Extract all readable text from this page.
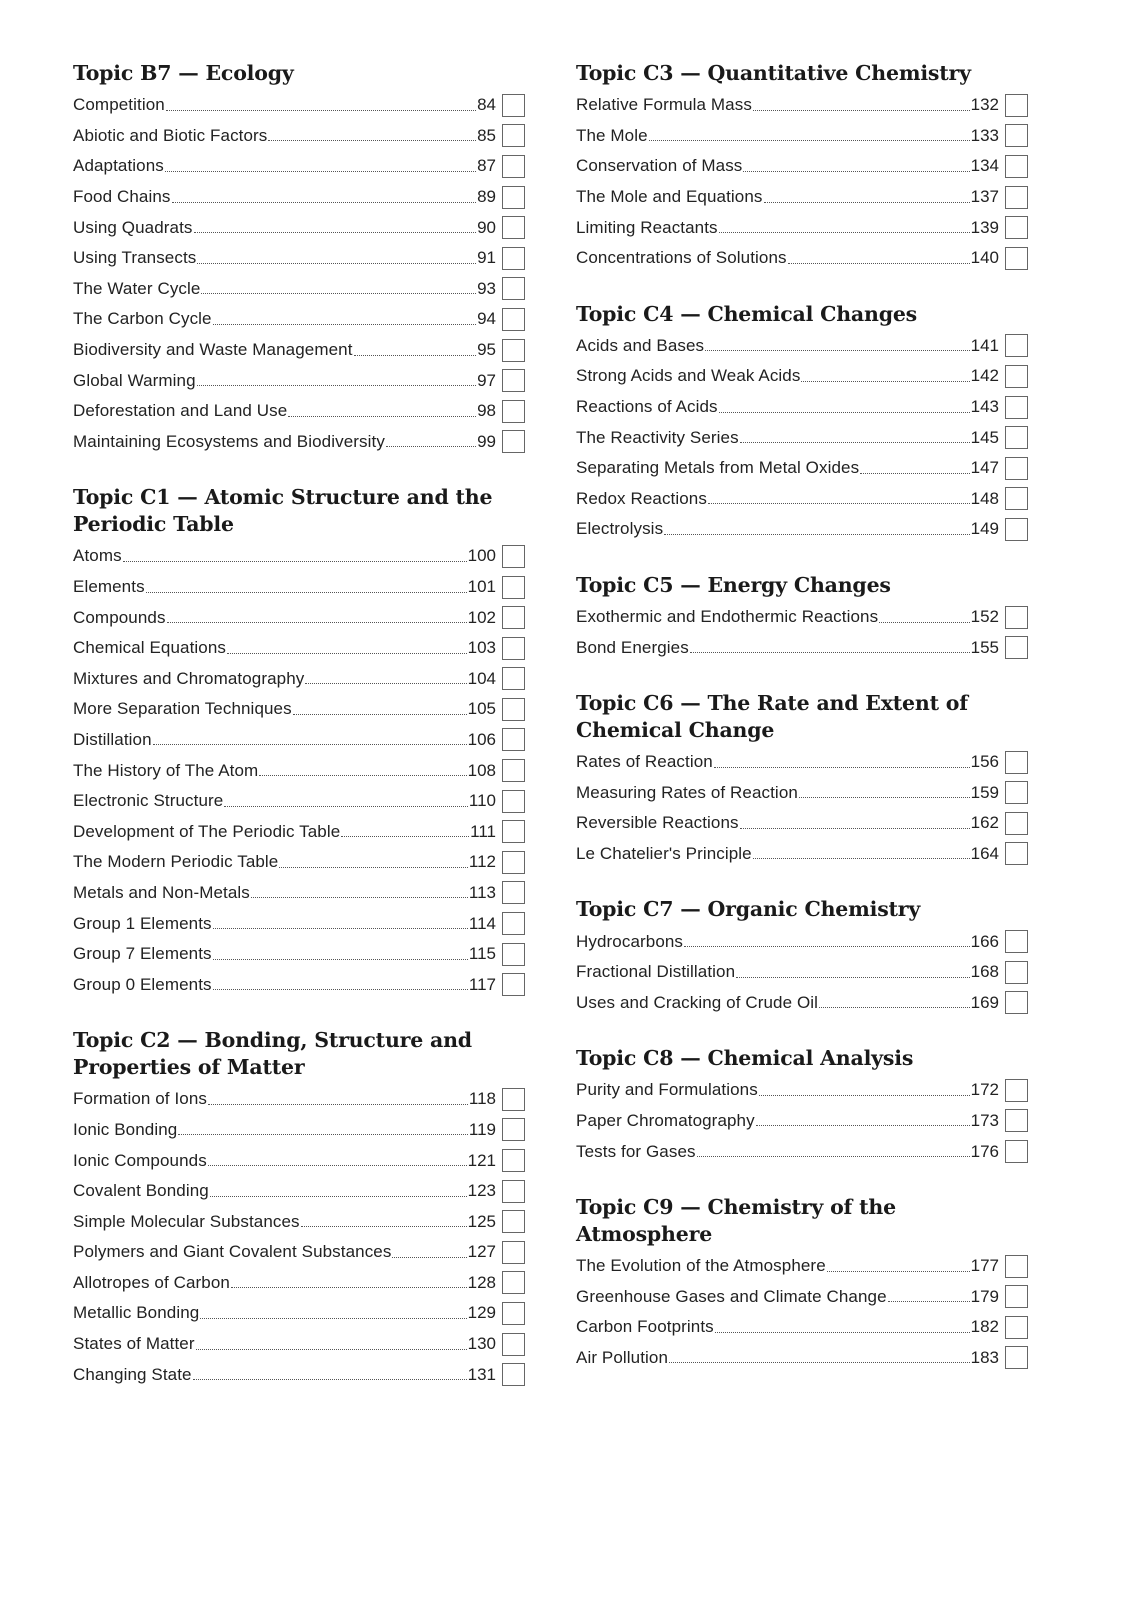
Topic B7 — Ecology
Competition	84
Abiotic and Biotic Factors	85
Adaptations	87
Food Chains	89
Using Quadrats	90
Using Transects	91
The Water Cycle	93
The Carbon Cycle	94
Biodiversity and Waste Management	95
Global Warming	97
Deforestation and Land Use	98
Maintaining Ecosystems and Biodiversity	99
Topic C1 — Atomic Structure and the Periodic Table
Atoms	100
Elements	101
Compounds	102
Chemical Equations	103
Mixtures and Chromatography	104
More Separation Techniques	105
Distillation	106
The History of The Atom	108
Electronic Structure	110
Development of The Periodic Table	111
The Modern Periodic Table	112
Metals and Non-Metals	113
Group 1 Elements	114
Group 7 Elements	115
Group 0 Elements	117
Topic C2 — Bonding, Structure and Properties of Matter
Formation of Ions	118
Ionic Bonding	119
Ionic Compounds	121
Covalent Bonding	123
Simple Molecular Substances	125
Polymers and Giant Covalent Substances	127
Allotropes of Carbon	128
Metallic Bonding	129
States of Matter	130
Changing State	131
Topic C3 — Quantitative Chemistry
Relative Formula Mass	132
The Mole	133
Conservation of Mass	134
The Mole and Equations	137
Limiting Reactants	139
Concentrations of Solutions	140
Topic C4 — Chemical Changes
Acids and Bases	141
Strong Acids and Weak Acids	142
Reactions of Acids	143
The Reactivity Series	145
Separating Metals from Metal Oxides	147
Redox Reactions	148
Electrolysis	149
Topic C5 — Energy Changes
Exothermic and Endothermic Reactions	152
Bond Energies	155
Topic C6 — The Rate and Extent of Chemical Change
Rates of Reaction	156
Measuring Rates of Reaction	159
Reversible Reactions	162
Le Chatelier's Principle	164
Topic C7 — Organic Chemistry
Hydrocarbons	166
Fractional Distillation	168
Uses and Cracking of Crude Oil	169
Topic C8 — Chemical Analysis
Purity and Formulations	172
Paper Chromatography	173
Tests for Gases	176
Topic C9 — Chemistry of the Atmosphere
The Evolution of the Atmosphere	177
Greenhouse Gases and Climate Change	179
Carbon Footprints	182
Air Pollution	183
